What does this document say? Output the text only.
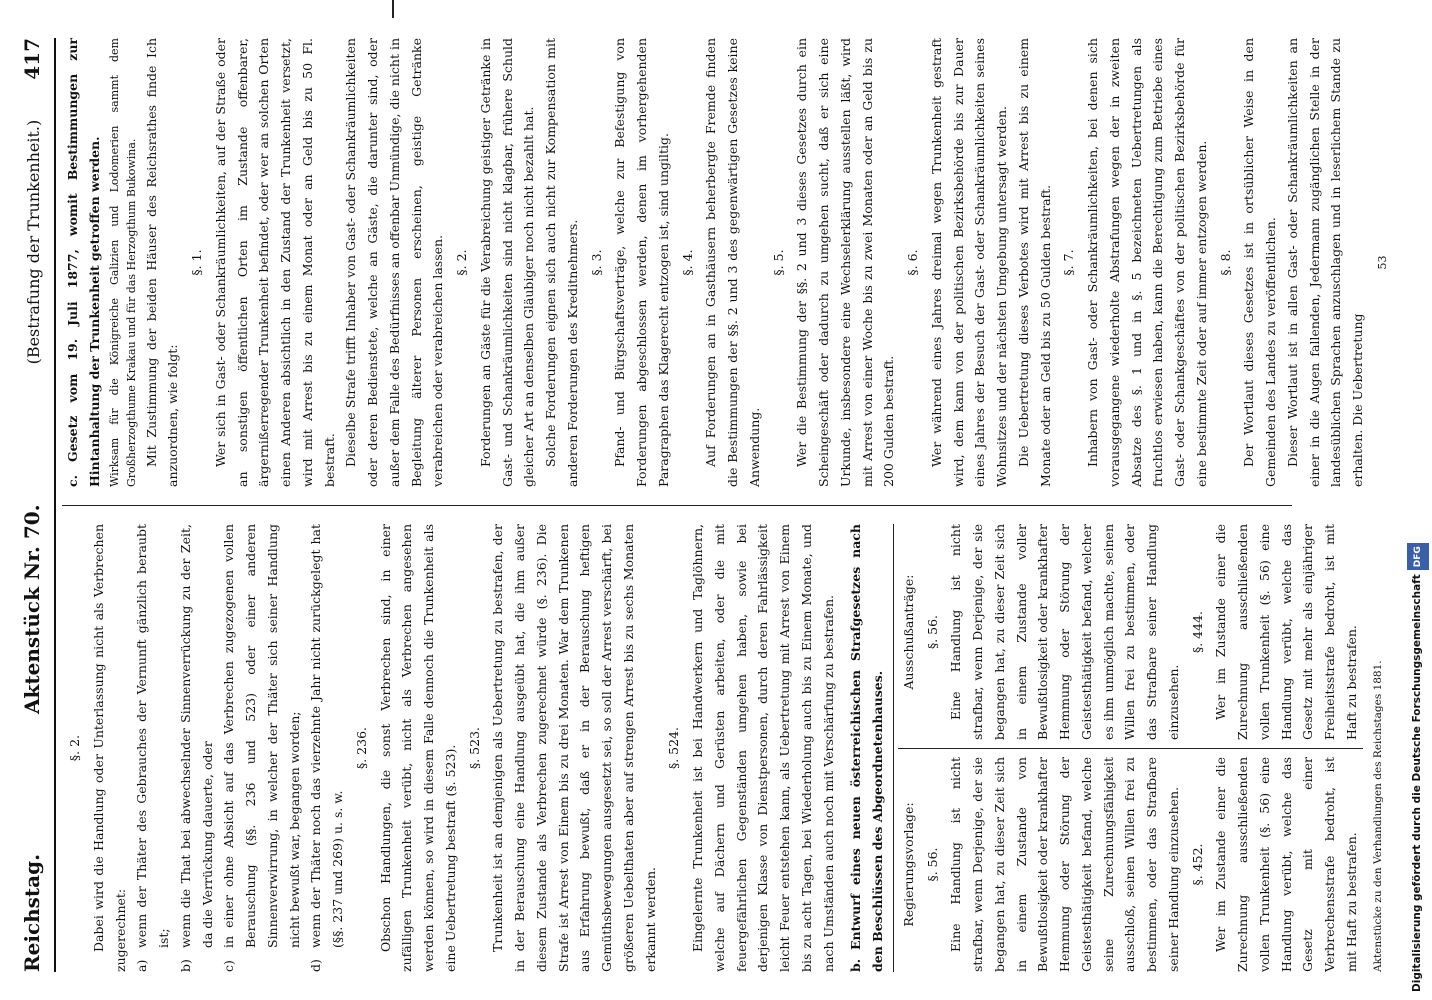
Reichstag.
Aktenstück Nr. 70.
(Bestrafung der Trunkenheit.)
417

§. 2. Dabei wird die Handlung oder Unterlassung nicht als Verbrechen zugerechnet: a)
wenn der Thäter des Gebrauches der Vernunft gänzlich beraubt ist;
b)
wenn die That bei abwechselnder Sinnenverrückung zu der Zeit, da die Verrückung dauerte, oder
c)
in einer ohne Absicht auf das Verbrechen zugezogenen vollen Berauschung (§§. 236 und 523) oder einer anderen Sinnenverwirrung, in welcher der Thäter sich seiner Handlung nicht bewußt war, begangen worden;
d)
wenn der Thäter noch das vierzehnte Jahr nicht zurückgelegt hat (§§. 237 und 269) u. s. w.

§. 236. Obschon Handlungen, die sonst Verbrechen sind, in einer zufälligen Trunkenheit verübt, nicht als Verbrechen angesehen werden können, so wird in diesem Falle dennoch die Trunkenheit als eine Uebertretung bestraft (§. 523). §. 523. Trunkenheit ist an demjenigen als Uebertretung zu bestrafen, der in der Berauschung eine Handlung ausgeübt hat, die ihm außer diesem Zustande als Verbrechen zugerechnet würde (§. 236). Die Strafe ist Arrest von Einem bis zu drei Monaten. War dem Trunkenen aus Erfahrung bewußt, daß er in der Berauschung heftigen Gemüthsbewegungen ausgesetzt sei, so soll der Arrest verschärft, bei größeren Uebelthaten aber auf strengen Arrest bis zu sechs Monaten erkannt werden.

§. 524. Eingelernte Trunkenheit ist bei Handwerkern und Taglöhnern, welche auf Dächern und Gerüsten arbeiten, oder die mit feuergefährlichen Gegenständen umgehen haben, sowie bei derjenigen Klasse von Dienstpersonen, durch deren Fahrlässigkeit leicht Feuer entstehen kann, als Uebertretung mit Arrest von Einem bis zu acht Tagen, bei Wiederholung auch bis zu Einem Monate, und nach Umständen auch noch mit Verschärfung zu bestrafen.	b. Entwurf eines neuen österreichischen Strafgesetzes nach den Beschlüssen des Abgeordnetenhauses.	Regierungsvorlage: §. 56. Eine Handlung ist nicht strafbar, wenn Derjenige, der sie begangen hat, zu dieser Zeit sich in einem Zustande von Bewußtlosigkeit oder krankhafter Hemmung oder Störung der Geistesthätigkeit befand, welche seine Zurechnungsfähigkeit ausschloß, seinen Willen frei zu bestimmen, oder das Strafbare seiner Handlung einzusehen. §. 452. Wer im Zustande einer die Zurechnung ausschließenden vollen Trunkenheit (§. 56) eine Handlung verübt, welche das Gesetz mit einer Verbrechensstrafe bedroht, ist mit Haft zu bestrafen.

Ausschußanträge: §. 56. Eine Handlung ist nicht strafbar, wenn Derjenige, der sie begangen hat, zu dieser Zeit sich in einem Zustande voller Bewußtlosigkeit oder krankhafter Hemmung oder Störung der Geistesthätigkeit befand, welcher es ihm unmöglich machte, seinen Willen frei zu bestimmen, oder das Strafbare seiner Handlung einzusehen.

§. 444. Wer im Zustande einer die Zurechnung ausschließenden vollen Trunkenheit (§. 56) eine Handlung verübt, welche das Gesetz mit mehr als einjähriger Freiheitsstrafe bedroht, ist mit Haft zu bestrafen.	Aktenstücke zu den Verhandlungen des Reichstages 1881.

c. Gesetz vom 19. Juli 1877, womit Bestimmungen zur Hintanhaltung der Trunkenheit getroffen werden. Wirksam für die Königreiche Galizien und Lodomerien sammt dem Großherzogthume Krakau und für das Herzogthum Bukowina. Mit Zustimmung der beiden Häuser des Reichsrathes finde Ich anzuordnen, wie folgt:

§. 1. Wer sich in Gast- oder Schankräumlichkeiten, auf der Straße oder an sonstigen öffentlichen Orten im Zustande offenbarer, ärgernißerregender Trunkenheit befindet, oder wer an solchen Orten einen Anderen absichtlich in den Zustand der Trunkenheit versetzt, wird mit Arrest bis zu einem Monat oder an Geld bis zu 50 Fl. bestraft. Dieselbe Strafe trifft Inhaber von Gast- oder Schankräumlichkeiten oder deren Bedienstete, welche an Gäste, die darunter sind, oder außer dem Falle des Bedürfnisses an offenbar Unmündige, die nicht in Begleitung älterer Personen erscheinen, geistige Getränke verabreichen oder verabreichen lassen. §. 2. Forderungen an Gäste für die Verabreichung geistiger Getränke in Gast- und Schankräumlichkeiten sind nicht klagbar, frühere Schuld gleicher Art an denselben Gläubiger noch nicht bezahlt hat. Solche Forderungen eignen sich auch nicht zur Kompensation mit anderen Forderungen des Kreditnehmers. §. 3. Pfand- und Bürgschaftsverträge, welche zur Befestigung von Forderungen abgeschlossen werden, denen im vorhergehenden Paragraphen das Klagerecht entzogen ist, sind ungiltig. §. 4. Auf Forderungen an in Gasthäusern beherbergte Fremde finden die Bestimmungen der §§. 2 und 3 des gegenwärtigen Gesetzes keine Anwendung.

§. 5. Wer die Bestimmung der §§. 2 und 3 dieses Gesetzes durch ein Scheingeschäft oder dadurch zu umgehen sucht, daß er sich eine Urkunde, insbesondere eine Wechselerklärung ausstellen läßt, wird mit Arrest von einer Woche bis zu zwei Monaten oder an Geld bis zu 200 Gulden bestraft.

§. 6. Wer während eines Jahres dreimal wegen Trunkenheit gestraft wird, dem kann von der politischen Bezirksbehörde bis zur Dauer eines Jahres der Besuch der Gast- oder Schankräumlichkeiten seines Wohnsitzes und der nächsten Umgebung untersagt werden. Die Uebertretung dieses Verbotes wird mit Arrest bis zu einem Monate oder an Geld bis zu 50 Gulden bestraft. §. 7. Inhabern von Gast- oder Schankräumlichkeiten, bei denen sich vorausgegangene wiederholte Abstrafungen wegen der in zweiten Absatze des §. 1 und in §. 5 bezeichneten Uebertretungen als fruchtlos erwiesen haben, kann die Berechtigung zum Betriebe eines Gast- oder Schankgeschäftes von der politischen Bezirksbehörde für eine bestimmte Zeit oder auf immer entzogen werden. §. 8. Der Wortlaut dieses Gesetzes ist in ortsüblicher Weise in den Gemeinden des Landes zu veröffentlichen. Dieser Wortlaut ist in allen Gast- oder Schankräumlichkeiten an einer in die Augen fallenden, Jedermann zugänglichen Stelle in der landesüblichen Sprachen anzuschlagen und in leserlichem Stande zu erhalten. Die Uebertretung

53

Digitalisierung gefördert durch die Deutsche ForschungsgemeinschaftDFG
